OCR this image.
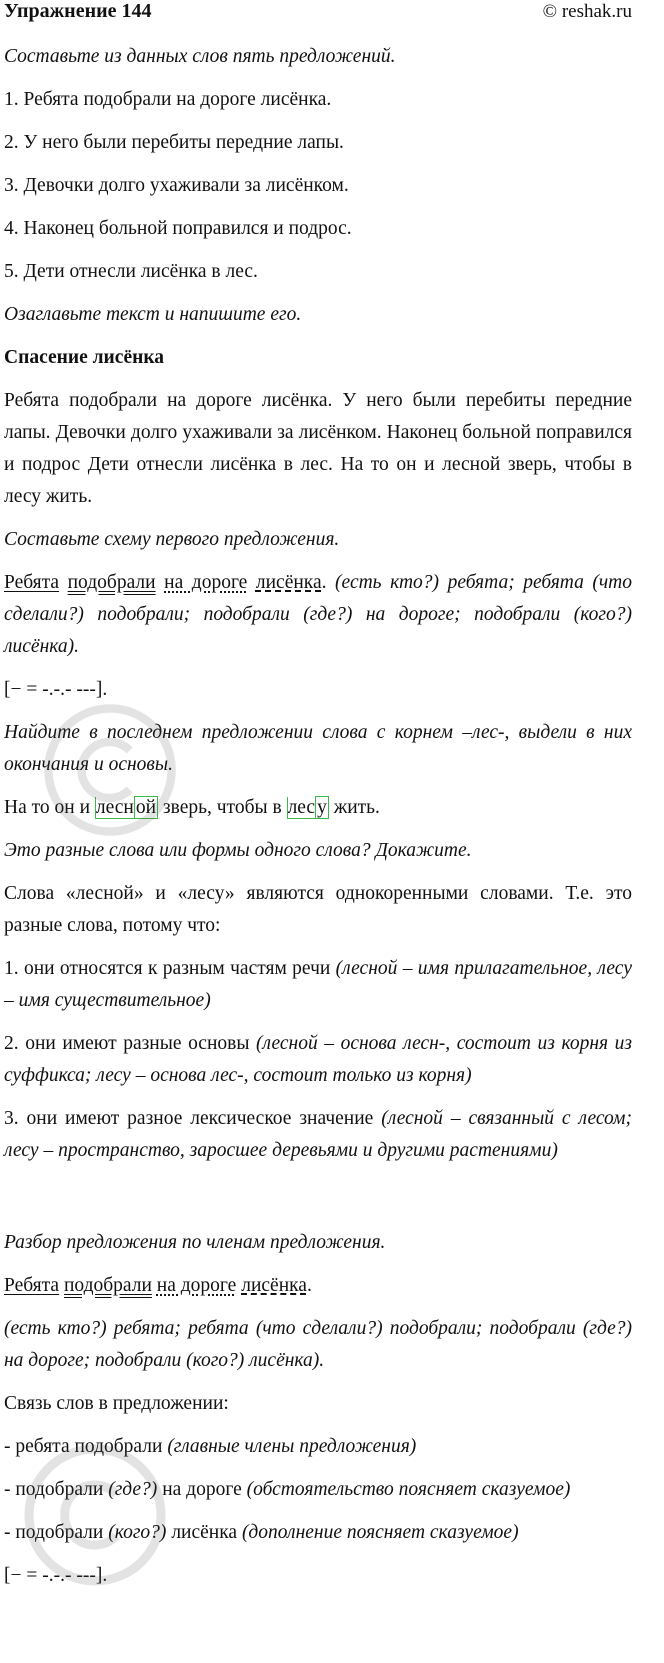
Упражнение 144	© reshak.ru

Составьте из данных слов пять предложений.

1. Ребята подобрали на дороге лисёнка.

2. У него были перебиты передние лапы.

3. Девочки долго ухаживали за лисёнком.

4. Наконец больной поправился и подрос.

5. Дети отнесли лисёнка в лес.

Озаглавьте текст и напишите его.

Спасение лисёнка

Ребята подобрали на дороге лисёнка. У него были перебиты передние лапы. Девочки долго ухаживали за лисёнком. Наконец больной поправился и подрос Дети отнесли лисёнка в лес. На то он и лесной зверь, чтобы в лесу жить.

Составьте схему первого предложения.

Ребята подобрали на дороге лисёнка. (есть кто?) ребята; ребята (что сделали?) подобрали; подобрали (где?) на дороге; подобрали (кого?) лисёнка).

[− = -.-.- ---].

Найдите в последнем предложении слова с корнем –лес-, выдели в них окончания и основы.

На то он и лесн ой зверь, чтобы в лес у жить.

Это разные слова или формы одного слова? Докажите.

Слова «лесной» и «лесу» являются однокоренными словами. Т.е. это разные слова, потому что:

1. они относятся к разным частям речи (лесной – имя прилагательное, лесу – имя существительное)

2. они имеют разные основы (лесной – основа лесн-, состоит из корня из суффикса; лесу – основа лес-, состоит только из корня)

3. они имеют разное лексическое значение (лесной – связанный с лесом; лесу – пространство, заросшее деревьями и другими растениями)

Разбор предложения по членам предложения.

Ребята подобрали на дороге лисёнка.

(есть кто?) ребята; ребята (что сделали?) подобрали; подобрали (где?) на дороге; подобрали (кого?) лисёнка).

Связь слов в предложении:

- ребята подобрали (главные члены предложения)

- подобрали (где?) на дороге (обстоятельство поясняет сказуемое)

- подобрали (кого?) лисёнка (дополнение поясняет сказуемое)

[− = -.-.- ---].
